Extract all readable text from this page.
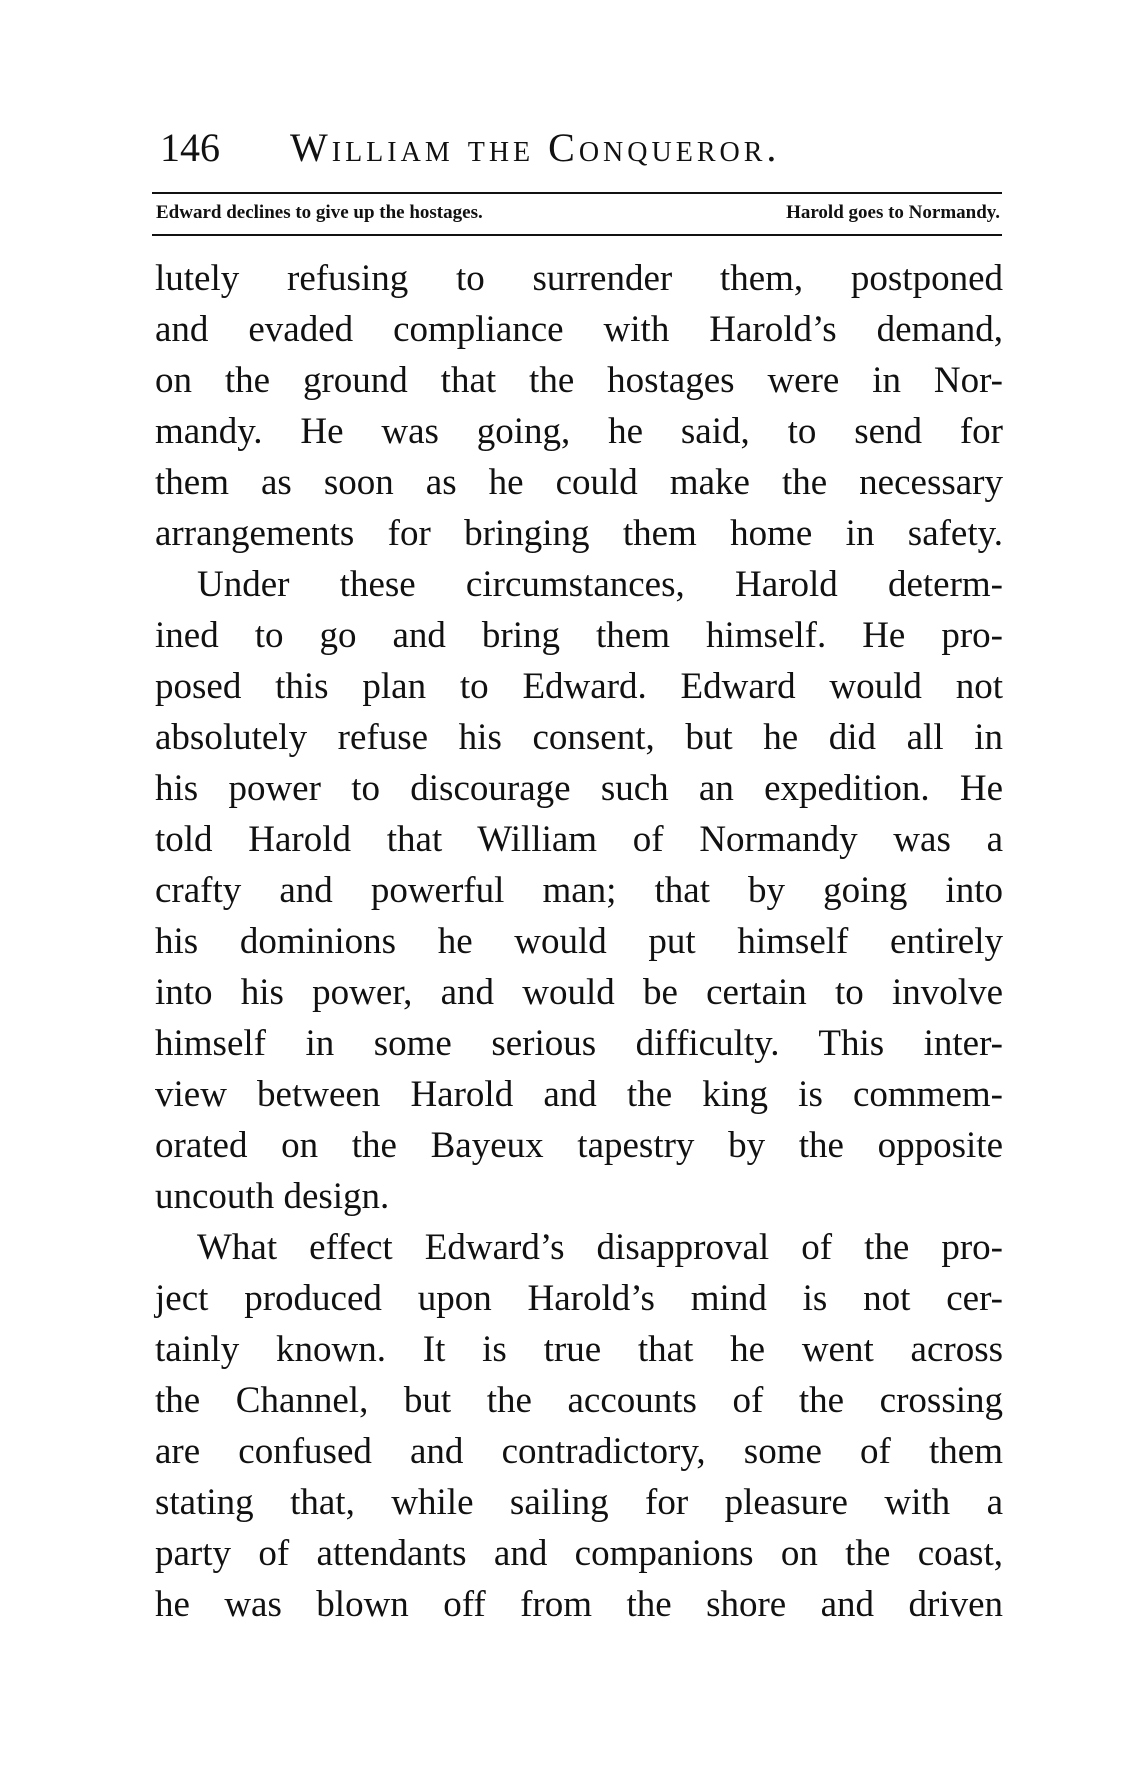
146 William the Conqueror.
Edward declines to give up the hostages.	Harold goes to Normandy.
lutely refusing to surrender them, postponed
and evaded compliance with Harold’s demand,
on the ground that the hostages were in Nor-
mandy. He was going, he said, to send for
them as soon as he could make the necessary
arrangements for bringing them home in safety.
Under these circumstances, Harold determ-
ined to go and bring them himself. He pro-
posed this plan to Edward. Edward would not
absolutely refuse his consent, but he did all in
his power to discourage such an expedition. He
told Harold that William of Normandy was a
crafty and powerful man; that by going into
his dominions he would put himself entirely
into his power, and would be certain to involve
himself in some serious difficulty. This inter-
view between Harold and the king is commem-
orated on the Bayeux tapestry by the opposite
uncouth design.
What effect Edward’s disapproval of the pro-
ject produced upon Harold’s mind is not cer-
tainly known. It is true that he went across
the Channel, but the accounts of the crossing
are confused and contradictory, some of them
stating that, while sailing for pleasure with a
party of attendants and companions on the coast,
he was blown off from the shore and driven
